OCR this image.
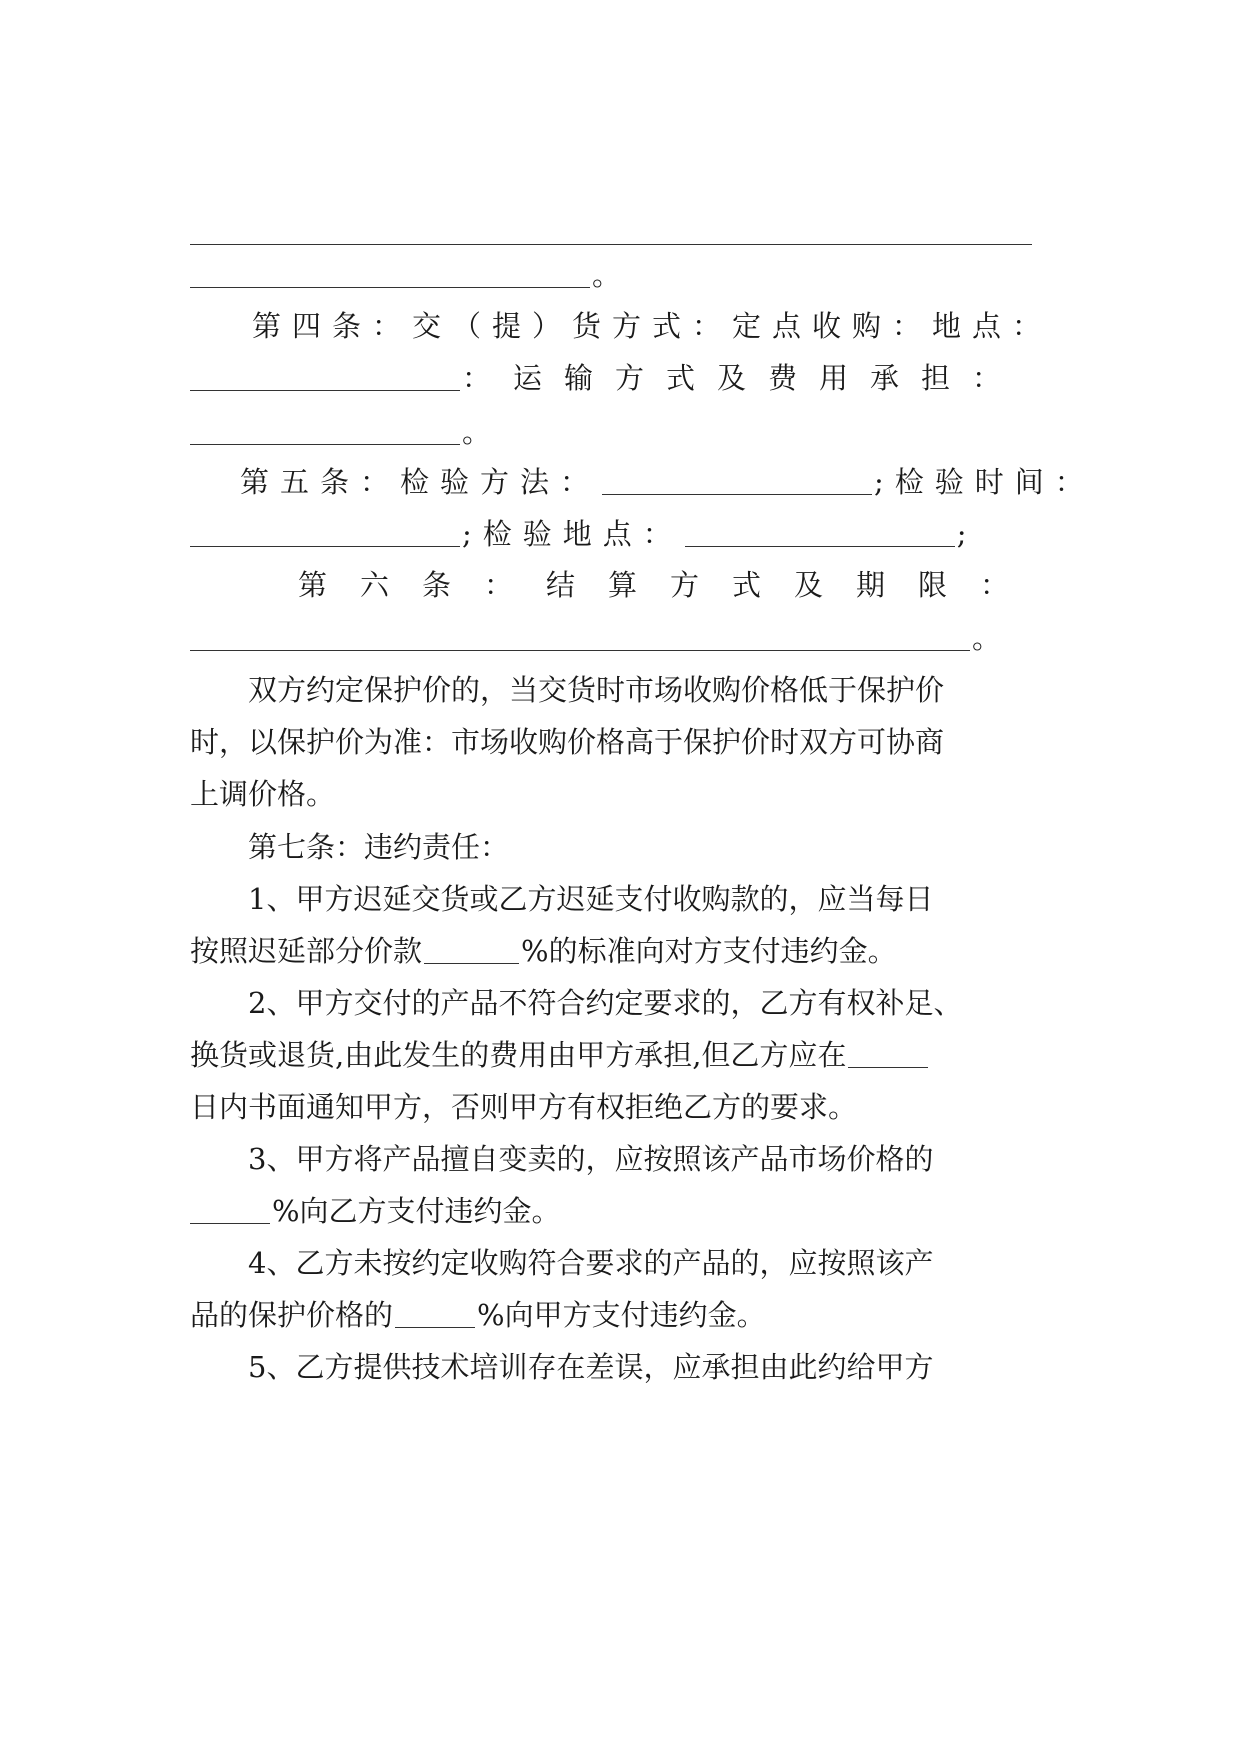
。
第四条：交（提）货方式：定点收购：地点：
：运输方式及费用承担：
。
第五条：检验方法：	;检验时间：
;检验地点：	;
第六条：结算方式及期限：
。
双方约定保护价的，当交货时市场收购价格低于保护价
时，以保护价为准：市场收购价格高于保护价时双方可协商
上调价格。
第七条：违约责任：
1、甲方迟延交货或乙方迟延支付收购款的，应当每日
按照迟延部分价款	%的标准向对方支付违约金。
2、甲方交付的产品不符合约定要求的，乙方有权补足、
换货或退货,由此发生的费用由甲方承担,但乙方应在
日内书面通知甲方，否则甲方有权拒绝乙方的要求。
3、甲方将产品擅自变卖的，应按照该产品市场价格的
%向乙方支付违约金。
4、乙方未按约定收购符合要求的产品的，应按照该产
品的保护价格的	%向甲方支付违约金。
5、乙方提供技术培训存在差误，应承担由此约给甲方
